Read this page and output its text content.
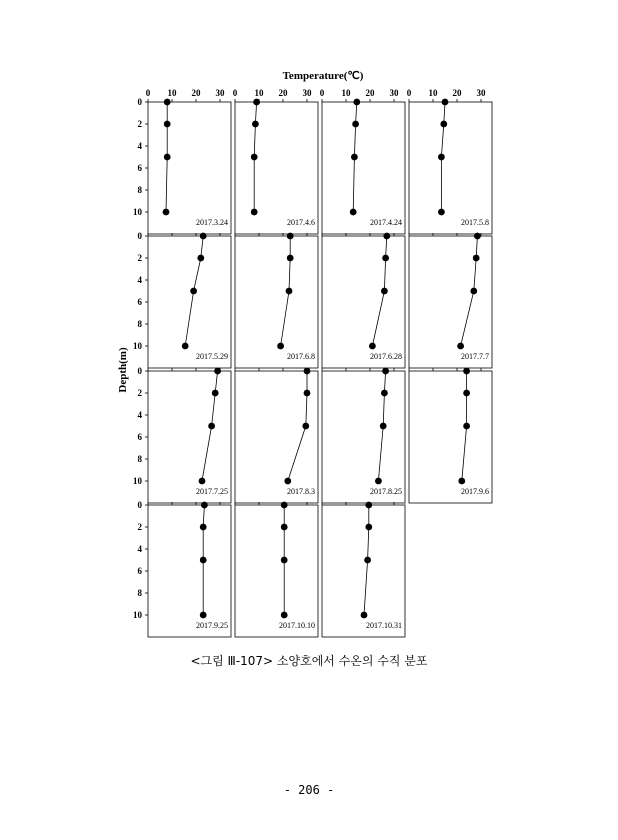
Temperature(℃)
Depth(m)
0 10 20 30
0
2
4
6
8
10
2017.3.24
0 10 20 30
2017.4.6
0 10 20 30
2017.4.24
0 10 20 30
2017.5.8
0
2
4
6
8
10
2017.5.29	2017.6.8	2017.6.28	2017.7.7
0
2
4
6
8
10
2017.7.25	2017.8.3	2017.8.25	2017.9.6
0
2
4
6
8
10
2017.9.25	2017.10.10	2017.10.31
<그림 Ⅲ-107> 소양호에서 수온의 수직 분포
- 206 -
